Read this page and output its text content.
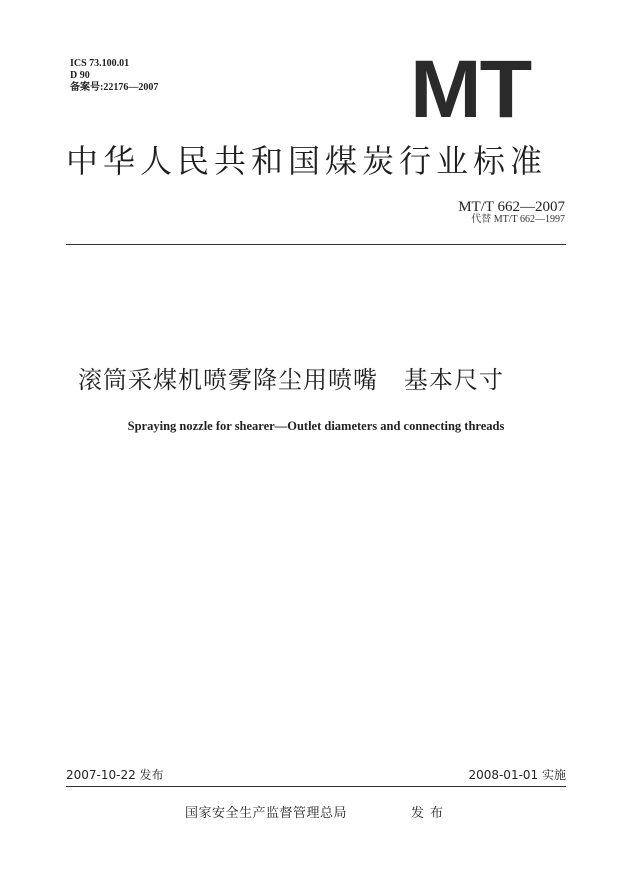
ICS 73.100.01
D 90
备案号:22176—2007	MT
中华人民共和国煤炭行业标准
MT/T 662—2007
代替 MT/T 662—1997
滚筒采煤机喷雾降尘用喷嘴   基本尺寸
Spraying nozzle for shearer—Outlet diameters and connecting threads
2007-10-22 发布	2008-01-01 实施
国家安全生产监督管理总局	发布
